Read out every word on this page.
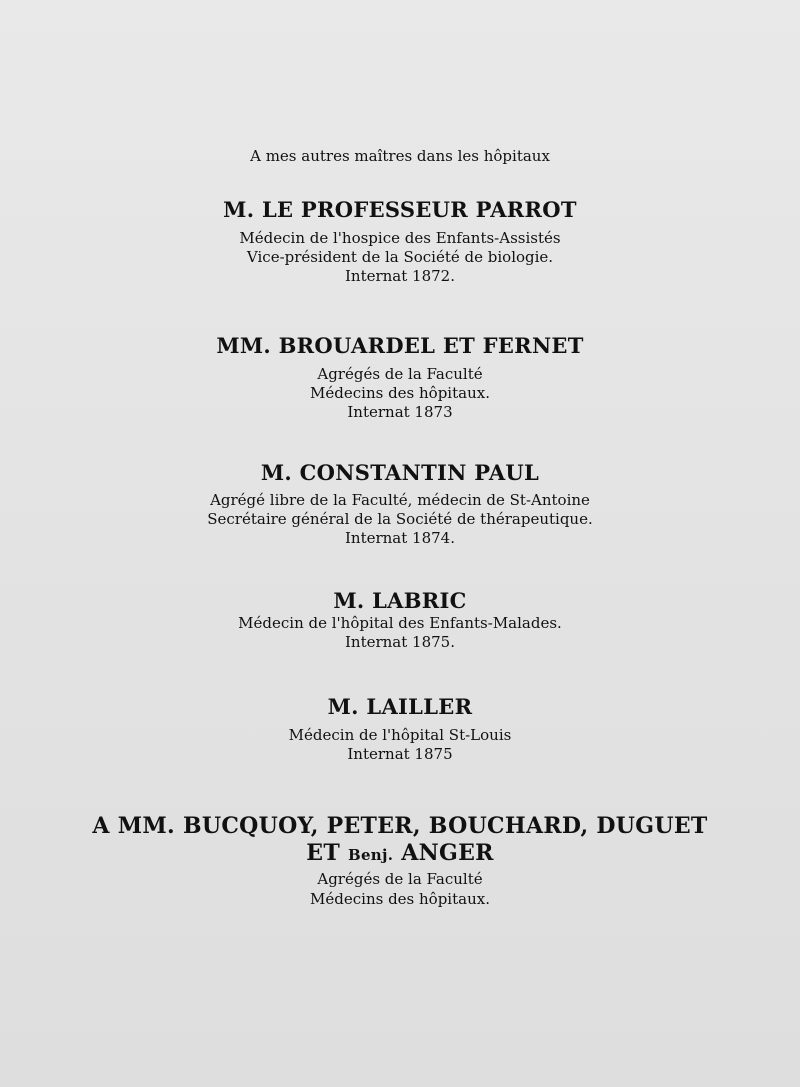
A mes autres maîtres dans les hôpitaux
M. LE PROFESSEUR PARROT
Médecin de l'hospice des Enfants-Assistés
Vice-président de la Société de biologie.
Internat 1872.
MM. BROUARDEL ET FERNET
Agrégés de la Faculté
Médecins des hôpitaux.
Internat 1873
M. CONSTANTIN PAUL
Agrégé libre de la Faculté, médecin de St-Antoine
Secrétaire général de la Société de thérapeutique.
Internat 1874.
M. LABRIC
Médecin de l'hôpital des Enfants-Malades.
Internat 1875.
M. LAILLER
Médecin de l'hôpital St-Louis
Internat 1875
A MM. BUCQUOY, PETER, BOUCHARD, DUGUET
ET Benj. ANGER
Agrégés de la Faculté
Médecins des hôpitaux.
